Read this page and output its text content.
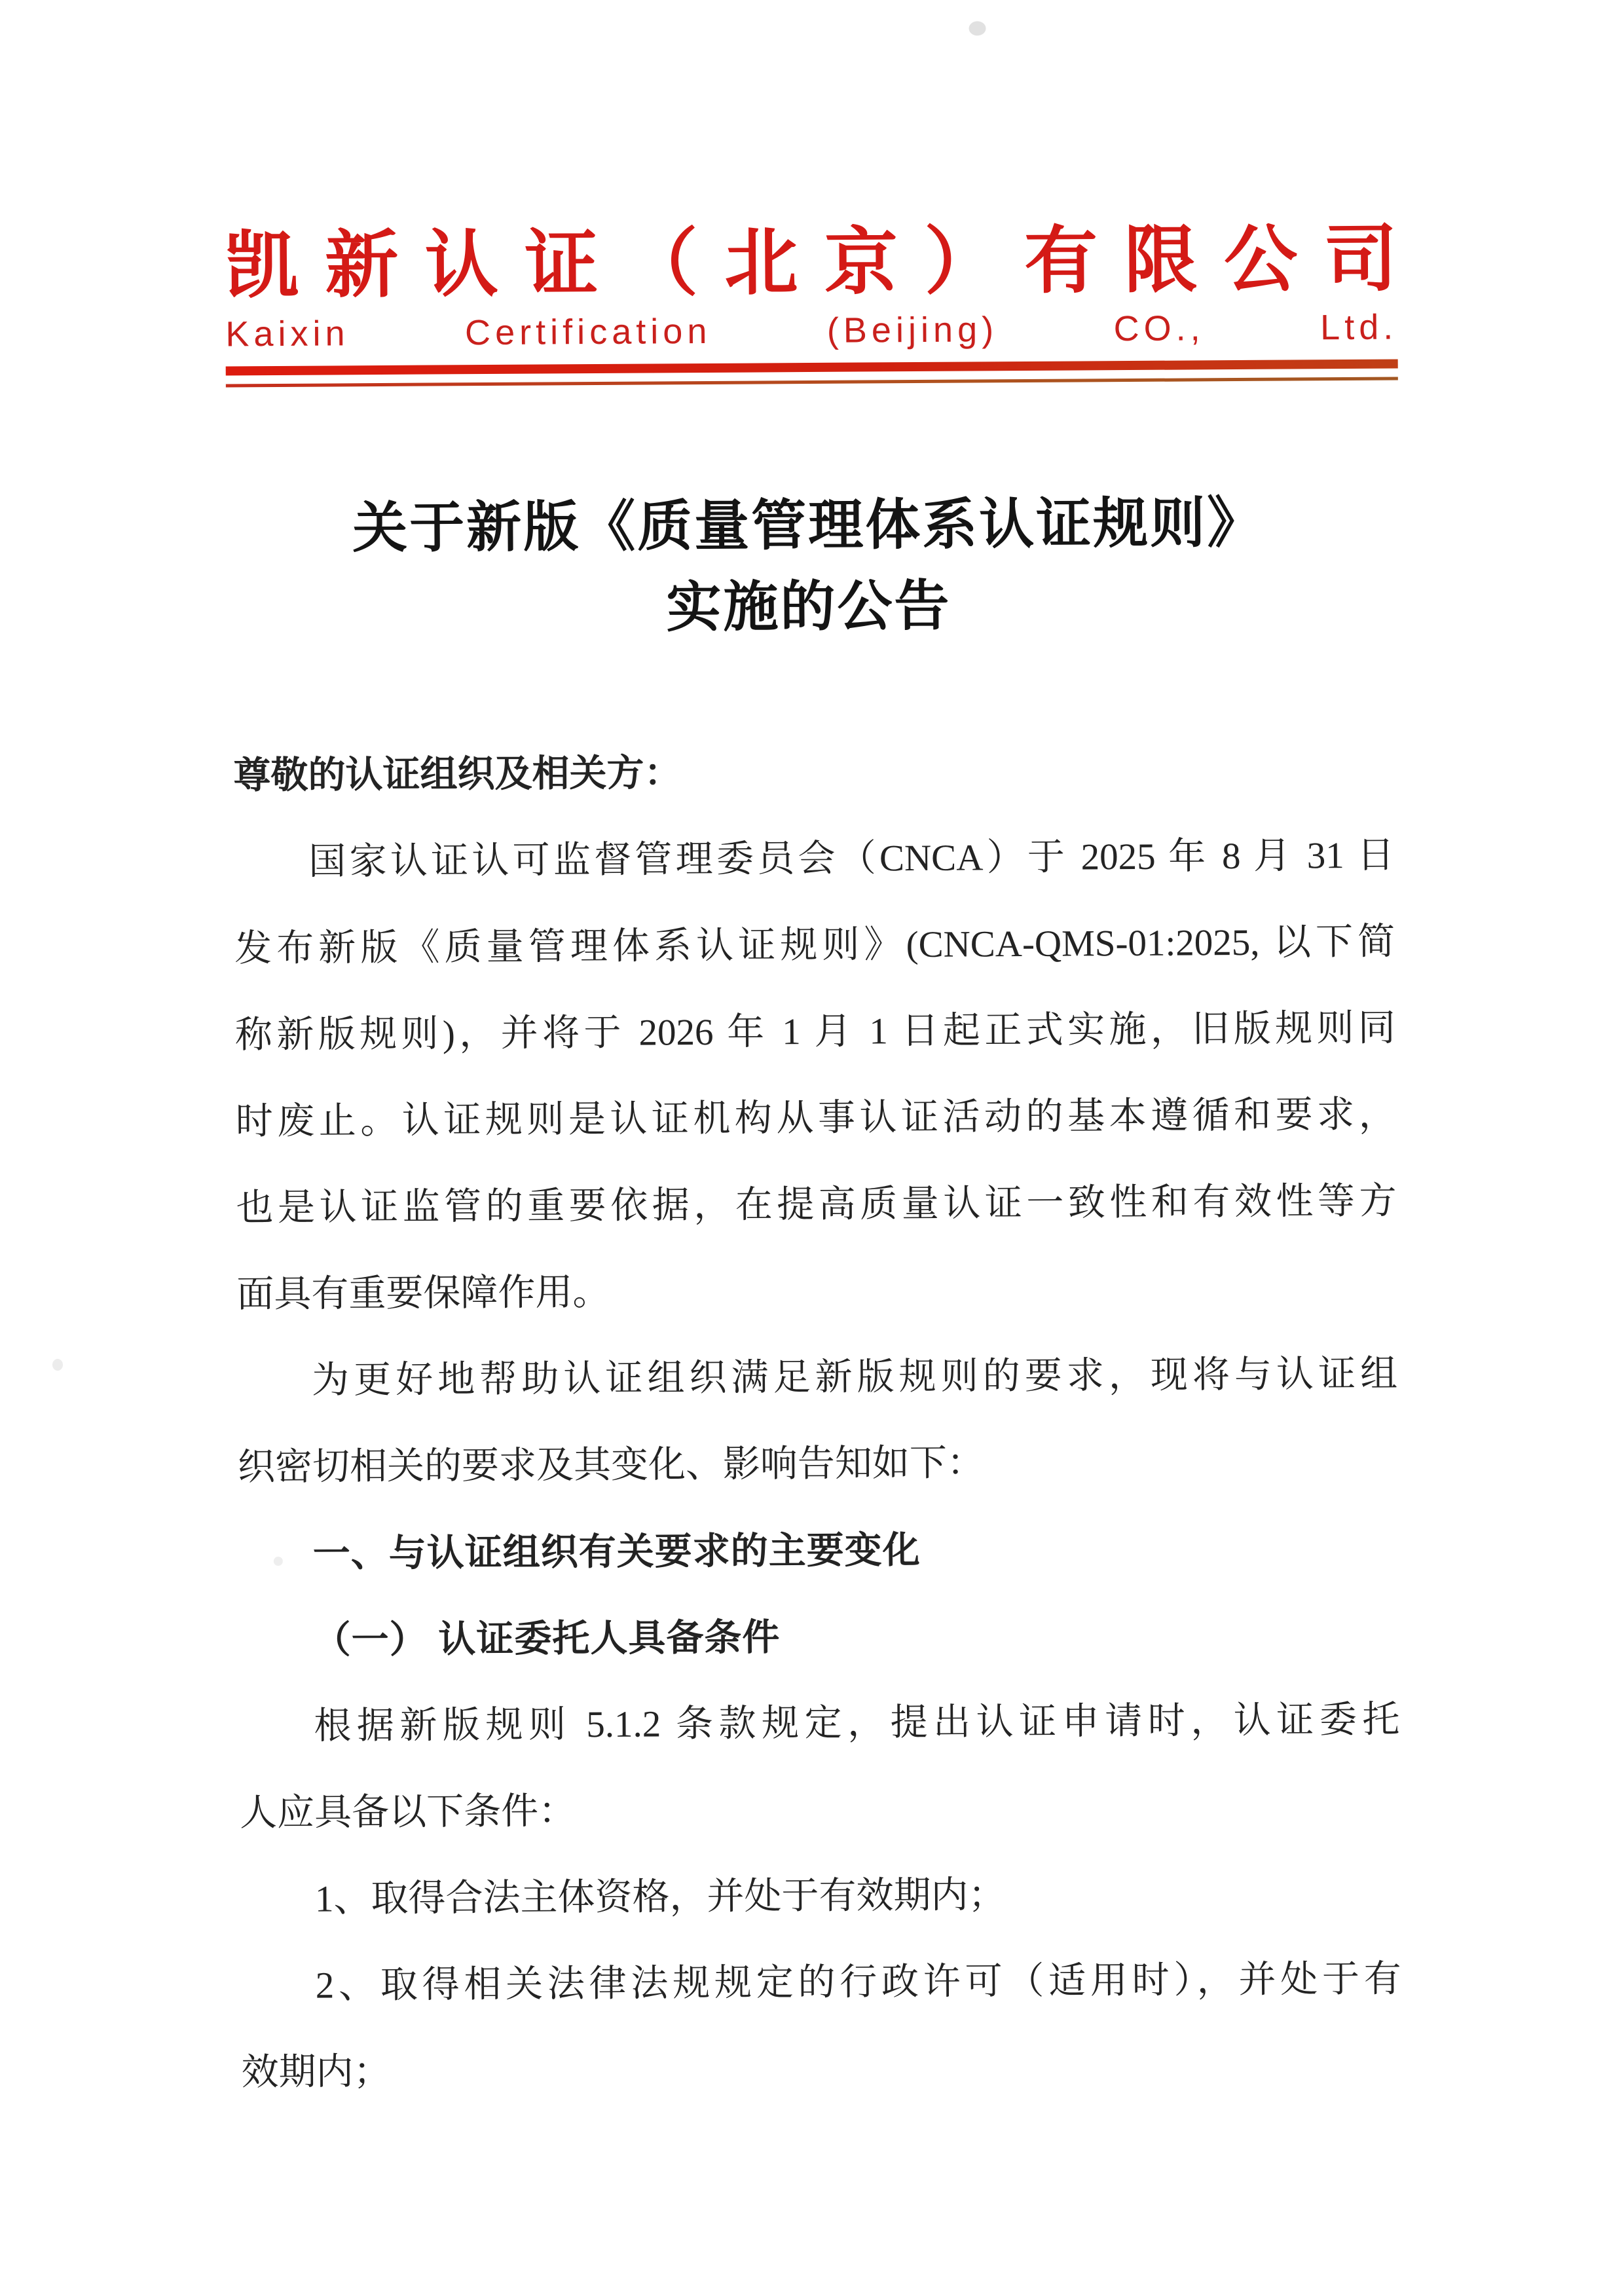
凯新认证（北京）有限公司
Kaixin Certification (Beijing) CO., Ltd.
关于新版《质量管理体系认证规则》
实施的公告
尊敬的认证组织及相关方：
国家认证认可监督管理委员会（CNCA）于 2025 年 8 月 31 日
发布新版《质量管理体系认证规则》(CNCA-QMS-01:2025, 以下简
称新版规则)，并将于 2026 年 1 月 1 日起正式实施，旧版规则同
时废止。认证规则是认证机构从事认证活动的基本遵循和要求，
也是认证监管的重要依据，在提高质量认证一致性和有效性等方
面具有重要保障作用。
为更好地帮助认证组织满足新版规则的要求，现将与认证组
织密切相关的要求及其变化、影响告知如下：
一、与认证组织有关要求的主要变化
（一） 认证委托人具备条件
根据新版规则 5.1.2 条款规定，提出认证申请时，认证委托
人应具备以下条件：
1、取得合法主体资格，并处于有效期内；
2、取得相关法律法规规定的行政许可（适用时），并处于有
效期内；
